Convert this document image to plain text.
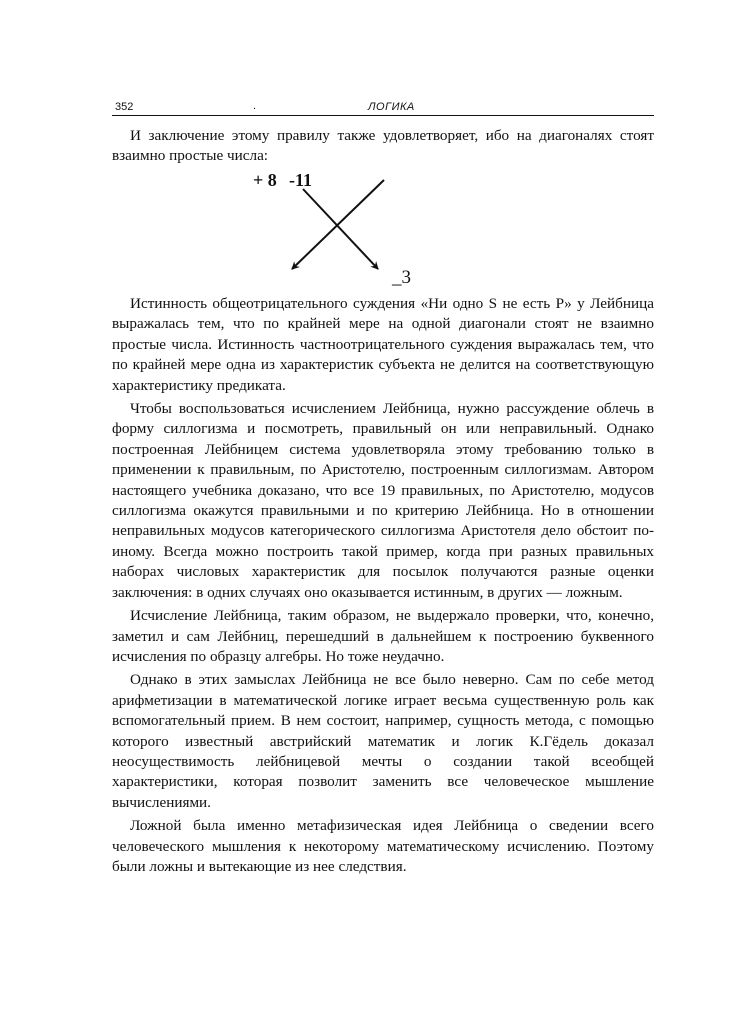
352	.	ЛОГИКА

И заключение этому правилу также удовлетворяет, ибо на диагоналях стоят взаимно простые числа:

+ 8 -11
_3

Истинность общеотрицательного суждения «Ни одно S не есть P» у Лейбница выражалась тем, что по крайней мере на одной диагонали стоят не взаимно простые числа. Истинность частноотрицательного суждения выражалась тем, что по крайней мере одна из характеристик субъекта не делится на соответствующую характеристику предиката.

Чтобы воспользоваться исчислением Лейбница, нужно рассуждение облечь в форму силлогизма и посмотреть, правильный он или неправильный. Однако построенная Лейбницем система удовлетворяла этому требованию только в применении к правильным, по Аристотелю, построенным силлогизмам. Автором настоящего учебника доказано, что все 19 правильных, по Аристотелю, модусов силлогизма окажутся правильными и по критерию Лейбница. Но в отношении неправильных модусов категорического силлогизма Аристотеля дело обстоит по-иному. Всегда можно построить такой пример, когда при разных правильных наборах числовых характеристик для посылок получаются разные оценки заключения: в одних случаях оно оказывается истинным, в других — ложным.

Исчисление Лейбница, таким образом, не выдержало проверки, что, конечно, заметил и сам Лейбниц, перешедший в дальнейшем к построению буквенного исчисления по образцу алгебры. Но тоже неудачно.

Однако в этих замыслах Лейбница не все было неверно. Сам по себе метод арифметизации в математической логике играет весьма существенную роль как вспомогательный прием. В нем состоит, например, сущность метода, с помощью которого известный австрийский математик и логик К.Гёдель доказал неосуществимость лейбницевой мечты о создании такой всеобщей характеристики, которая позволит заменить все человеческое мышление вычислениями.

Ложной была именно метафизическая идея Лейбница о сведении всего человеческого мышления к некоторому математическому исчислению. Поэтому были ложны и вытекающие из нее следствия.
